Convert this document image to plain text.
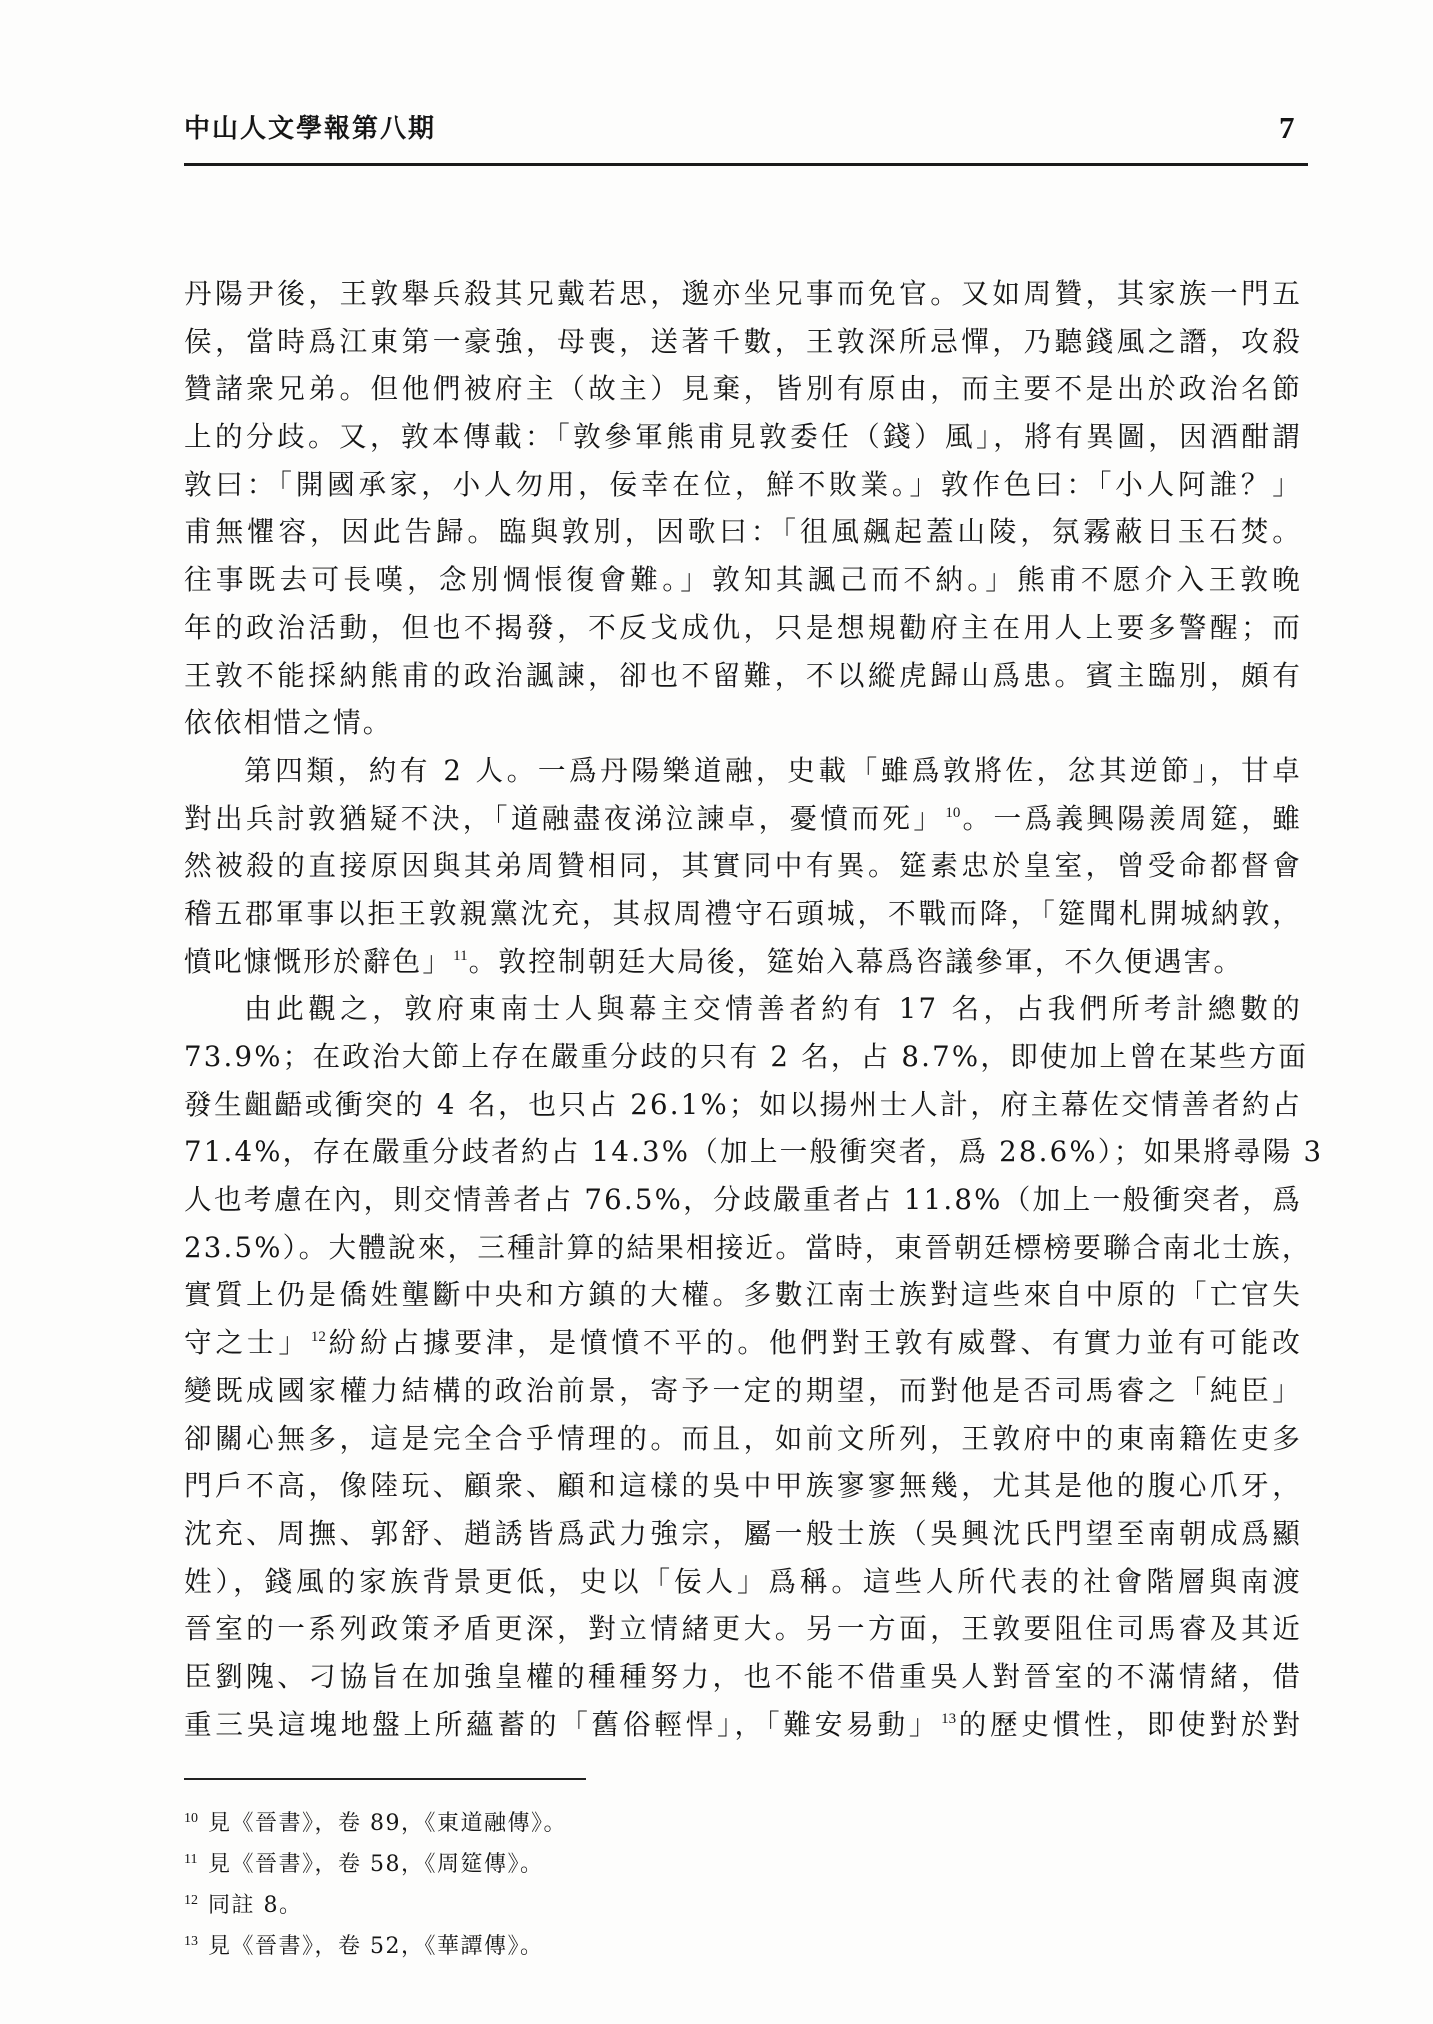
中山人文學報第八期	7
丹陽尹後，王敦舉兵殺其兄戴若思，邈亦坐兄事而免官。又如周贊，其家族一門五
侯，當時爲江東第一豪強，母喪，送著千數，王敦深所忌憚，乃聽錢風之譖，攻殺
贊諸衆兄弟。但他們被府主（故主）見棄，皆別有原由，而主要不是出於政治名節
上的分歧。又，敦本傳載：「敦參軍熊甫見敦委任（錢）風」，將有異圖，因酒酣謂
敦曰：「開國承家，小人勿用，佞幸在位，鮮不敗業。」敦作色曰：「小人阿誰？」
甫無懼容，因此告歸。臨與敦別，因歌曰：「徂風飆起蓋山陵，氛霧蔽日玉石焚。
往事既去可長嘆，念別惆悵復會難。」敦知其諷己而不納。」熊甫不愿介入王敦晚
年的政治活動，但也不揭發，不反戈成仇，只是想規勸府主在用人上要多警醒；而
王敦不能採納熊甫的政治諷諫，卻也不留難，不以縱虎歸山爲患。賓主臨別，頗有
依依相惜之情。
第四類，約有 2 人。一爲丹陽樂道融，史載「雖爲敦將佐，忿其逆節」，甘卓
對出兵討敦猶疑不決，「道融盡夜涕泣諫卓，憂憤而死」$^{10}$。一爲義興陽羨周筵，雖
然被殺的直接原因與其弟周贊相同，其實同中有異。筵素忠於皇室，曾受命都督會
稽五郡軍事以拒王敦親黨沈充，其叔周禮守石頭城，不戰而降，「筵聞札開城納敦，
憤叱慷慨形於辭色」$^{11}$。敦控制朝廷大局後，筵始入幕爲咨議參軍，不久便遇害。
由此觀之，敦府東南士人與幕主交情善者約有 17 名，占我們所考計總數的
73.9%；在政治大節上存在嚴重分歧的只有 2 名，占 8.7%，即使加上曾在某些方面
發生齟齬或衝突的 4 名，也只占 26.1%；如以揚州士人計，府主幕佐交情善者約占
71.4%，存在嚴重分歧者約占 14.3%（加上一般衝突者，爲 28.6%）；如果將尋陽 3
人也考慮在內，則交情善者占 76.5%，分歧嚴重者占 11.8%（加上一般衝突者，爲
23.5%）。大體說來，三種計算的結果相接近。當時，東晉朝廷標榜要聯合南北士族，
實質上仍是僑姓壟斷中央和方鎮的大權。多數江南士族對這些來自中原的「亡官失
守之士」$^{12}$紛紛占據要津，是憤憤不平的。他們對王敦有威聲、有實力並有可能改
變既成國家權力結構的政治前景，寄予一定的期望，而對他是否司馬睿之「純臣」
卻關心無多，這是完全合乎情理的。而且，如前文所列，王敦府中的東南籍佐吏多
門戶不高，像陸玩、顧衆、顧和這樣的吳中甲族寥寥無幾，尤其是他的腹心爪牙，
沈充、周撫、郭舒、趙誘皆爲武力強宗，屬一般士族（吳興沈氏門望至南朝成爲顯
姓），錢風的家族背景更低，史以「佞人」爲稱。這些人所代表的社會階層與南渡
晉室的一系列政策矛盾更深，對立情緒更大。另一方面，王敦要阻住司馬睿及其近
臣劉隗、刁協旨在加強皇權的種種努力，也不能不借重吳人對晉室的不滿情緒，借
重三吳這塊地盤上所蘊蓄的「舊俗輕悍」，「難安易動」$^{13}$的歷史慣性，即使對於對
10 見《晉書》，卷 89，《東道融傳》。
11 見《晉書》，卷 58，《周筵傳》。
12 同註 8。
13 見《晉書》，卷 52，《華譚傳》。
